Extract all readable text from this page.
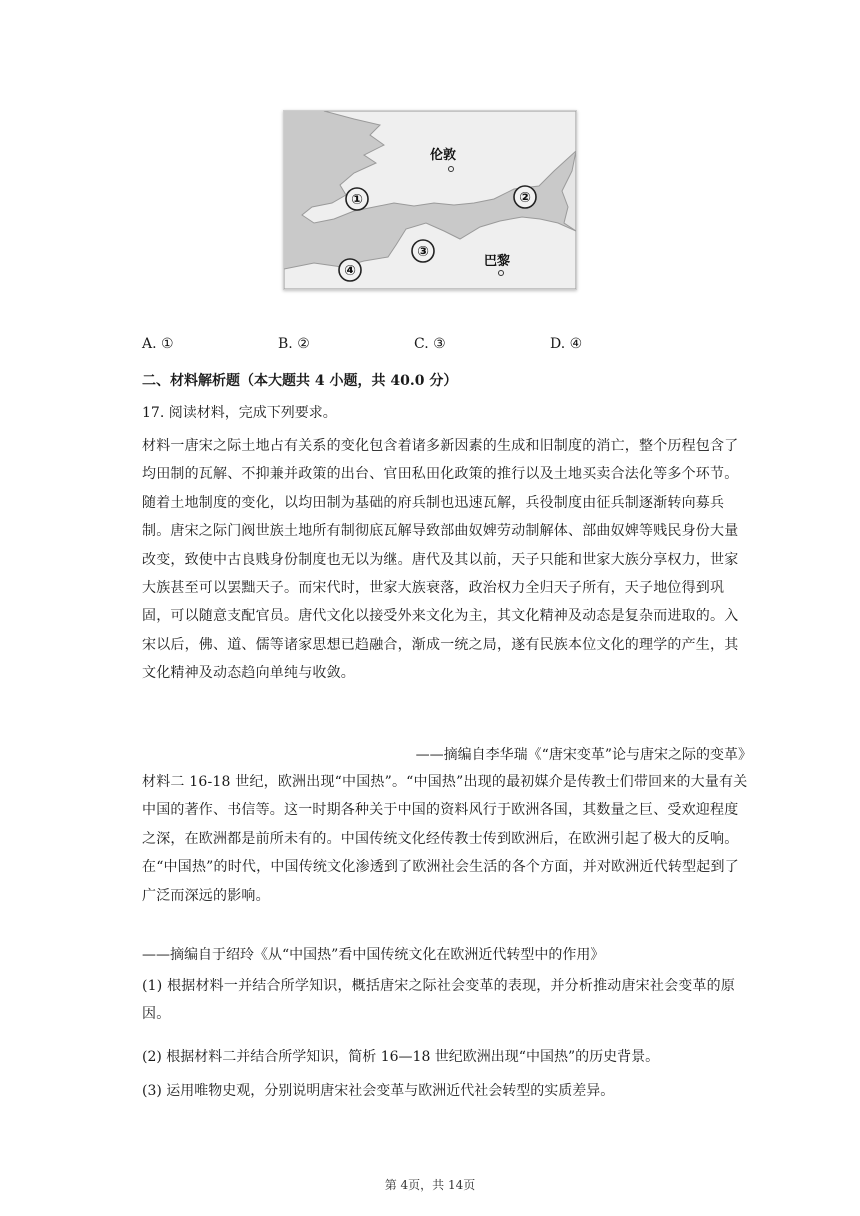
①	②
③
④
伦敦
巴黎
A. ①	B. ②	C. ③	D. ④
二、材料解析题（本大题共 4 小题，共 40.0 分）
17. 阅读材料，完成下列要求。
材料一唐宋之际土地占有关系的变化包含着诸多新因素的生成和旧制度的消亡，整个历程包含了均田制的瓦解、不抑兼并政策的出台、官田私田化政策的推行以及土地买卖合法化等多个环节。随着土地制度的变化，以均田制为基础的府兵制也迅速瓦解，兵役制度由征兵制逐渐转向募兵制。唐宋之际门阀世族土地所有制彻底瓦解导致部曲奴婢劳动制解体、部曲奴婢等贱民身份大量改变，致使中古良贱身份制度也无以为继。唐代及其以前，天子只能和世家大族分享权力，世家大族甚至可以罢黜天子。而宋代时，世家大族衰落，政治权力全归天子所有，天子地位得到巩固，可以随意支配官员。唐代文化以接受外来文化为主，其文化精神及动态是复杂而进取的。入宋以后，佛、道、儒等诸家思想已趋融合，渐成一统之局，遂有民族本位文化的理学的产生，其文化精神及动态趋向单纯与收敛。
——摘编自李华瑞《“唐宋变革”论与唐宋之际的变革》
材料二 16-18 世纪，欧洲出现“中国热”。“中国热”出现的最初媒介是传教士们带回来的大量有关中国的著作、书信等。这一时期各种关于中国的资料风行于欧洲各国，其数量之巨、受欢迎程度之深，在欧洲都是前所未有的。中国传统文化经传教士传到欧洲后，在欧洲引起了极大的反响。在“中国热”的时代，中国传统文化渗透到了欧洲社会生活的各个方面，并对欧洲近代转型起到了广泛而深远的影响。
——摘编自于绍玲《从“中国热”看中国传统文化在欧洲近代转型中的作用》
(1) 根据材料一并结合所学知识，概括唐宋之际社会变革的表现，并分析推动唐宋社会变革的原因。
(2) 根据材料二并结合所学知识，简析 16—18 世纪欧洲出现“中国热”的历史背景。
(3) 运用唯物史观，分别说明唐宋社会变革与欧洲近代社会转型的实质差异。
第 4页，共 14页
